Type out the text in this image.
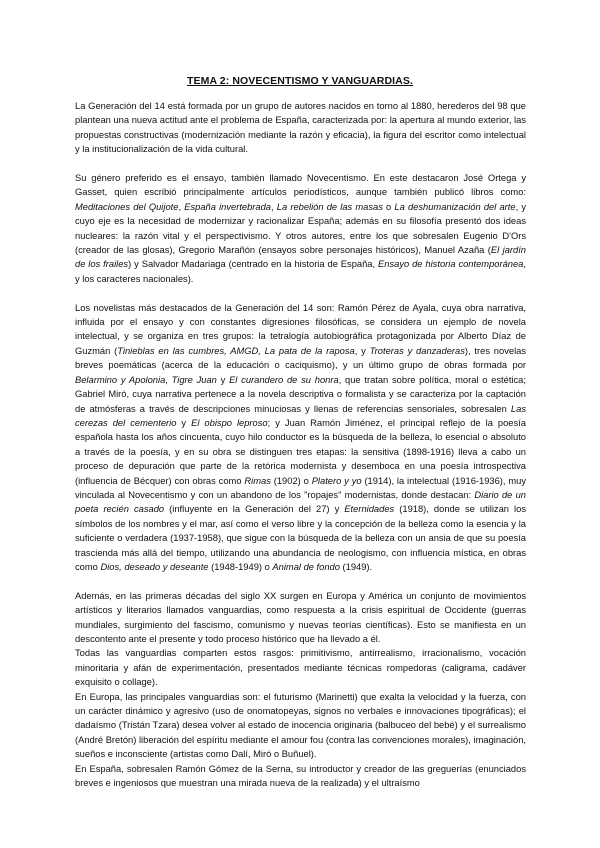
TEMA 2: NOVECENTISMO Y VANGUARDIAS.

La Generación del 14 está formada por un grupo de autores nacidos en torno al 1880, herederos del 98 que plantean una nueva actitud ante el problema de España, caracterizada por: la apertura al mundo exterior, las propuestas constructivas (modernización mediante la razón y eficacia), la figura del escritor como intelectual y la institucionalización de la vida cultural.

Su género preferido es el ensayo, también llamado Novecentismo. En este destacaron José Ortega y Gasset, quien escribió principalmente artículos periodísticos, aunque también publicó libros como: Meditaciones del Quijote, España invertebrada, La rebelión de las masas o La deshumanización del arte, y cuyo eje es la necesidad de modernizar y racionalizar España; además en su filosofía presentó dos ideas nucleares: la razón vital y el perspectivismo. Y otros autores, entre los que sobresalen Eugenio D'Ors (creador de las glosas), Gregorio Marañón (ensayos sobre personajes históricos), Manuel Azaña (El jardín de los frailes) y Salvador Madariaga (centrado en la historia de España, Ensayo de historia contemporánea, y los caracteres nacionales).

Los novelistas más destacados de la Generación del 14 son: Ramón Pérez de Ayala, cuya obra narrativa, influida por el ensayo y con constantes digresiones filosóficas, se considera un ejemplo de novela intelectual, y se organiza en tres grupos: la tetralogía autobiográfica protagonizada por Alberto Díaz de Guzmán (Tinieblas en las cumbres, AMGD, La pata de la raposa, y Troteras y danzaderas), tres novelas breves poemáticas (acerca de la educación o caciquismo), y un último grupo de obras formada por Belarmino y Apolonia, Tigre Juan y El curandero de su honra, que tratan sobre política, moral o estética; Gabriel Miró, cuya narrativa pertenece a la novela descriptiva o formalista y se caracteriza por la captación de atmósferas a través de descripciones minuciosas y llenas de referencias sensoriales, sobresalen Las cerezas del cementerio y El obispo leproso; y Juan Ramón Jiménez, el principal reflejo de la poesía española hasta los años cincuenta, cuyo hilo conductor es la búsqueda de la belleza, lo esencial o absoluto a través de la poesía, y en su obra se distinguen tres etapas: la sensitiva (1898-1916) lleva a cabo un proceso de depuración que parte de la retórica modernista y desemboca en una poesía introspectiva (influencia de Bécquer) con obras como Rimas (1902) o Platero y yo (1914), la intelectual (1916-1936), muy vinculada al Novecentismo y con un abandono de los "ropajes" modernistas, donde destacan: Diario de un poeta recién casado (influyente en la Generación del 27) y Eternidades (1918), donde se utilizan los símbolos de los nombres y el mar, así como el verso libre y la concepción de la belleza como la esencia y la suficiente o verdadera (1937-1958), que sigue con la búsqueda de la belleza con un ansia de que su poesía trascienda más allá del tiempo, utilizando una abundancia de neologismo, con influencia mística, en obras como Dios, deseado y deseante (1948-1949) o Animal de fondo (1949).

Además, en las primeras décadas del siglo XX surgen en Europa y América un conjunto de movimientos artísticos y literarios llamados vanguardias, como respuesta a la crisis espiritual de Occidente (guerras mundiales, surgimiento del fascismo, comunismo y nuevas teorías científicas). Esto se manifiesta en un descontento ante el presente y todo proceso histórico que ha llevado a él.

Todas las vanguardias comparten estos rasgos: primitivismo, antirrealismo, irracionalismo, vocación minoritaria y afán de experimentación, presentados mediante técnicas rompedoras (caligrama, cadáver exquisito o collage).

En Europa, las principales vanguardias son: el futurismo (Marinetti) que exalta la velocidad y la fuerza, con un carácter dinámico y agresivo (uso de onomatopeyas, signos no verbales e innovaciones tipográficas); el dadaísmo (Tristán Tzara) desea volver al estado de inocencia originaria (balbuceo del bebé) y el surrealismo (André Bretón) liberación del espíritu mediante el amour fou (contra las convenciones morales), imaginación, sueños e inconsciente (artistas como Dalí, Miró o Buñuel).

En España, sobresalen Ramón Gómez de la Serna, su introductor y creador de las greguerías (enunciados breves e ingeniosos que muestran una mirada nueva de la realizada) y el ultraísmo
